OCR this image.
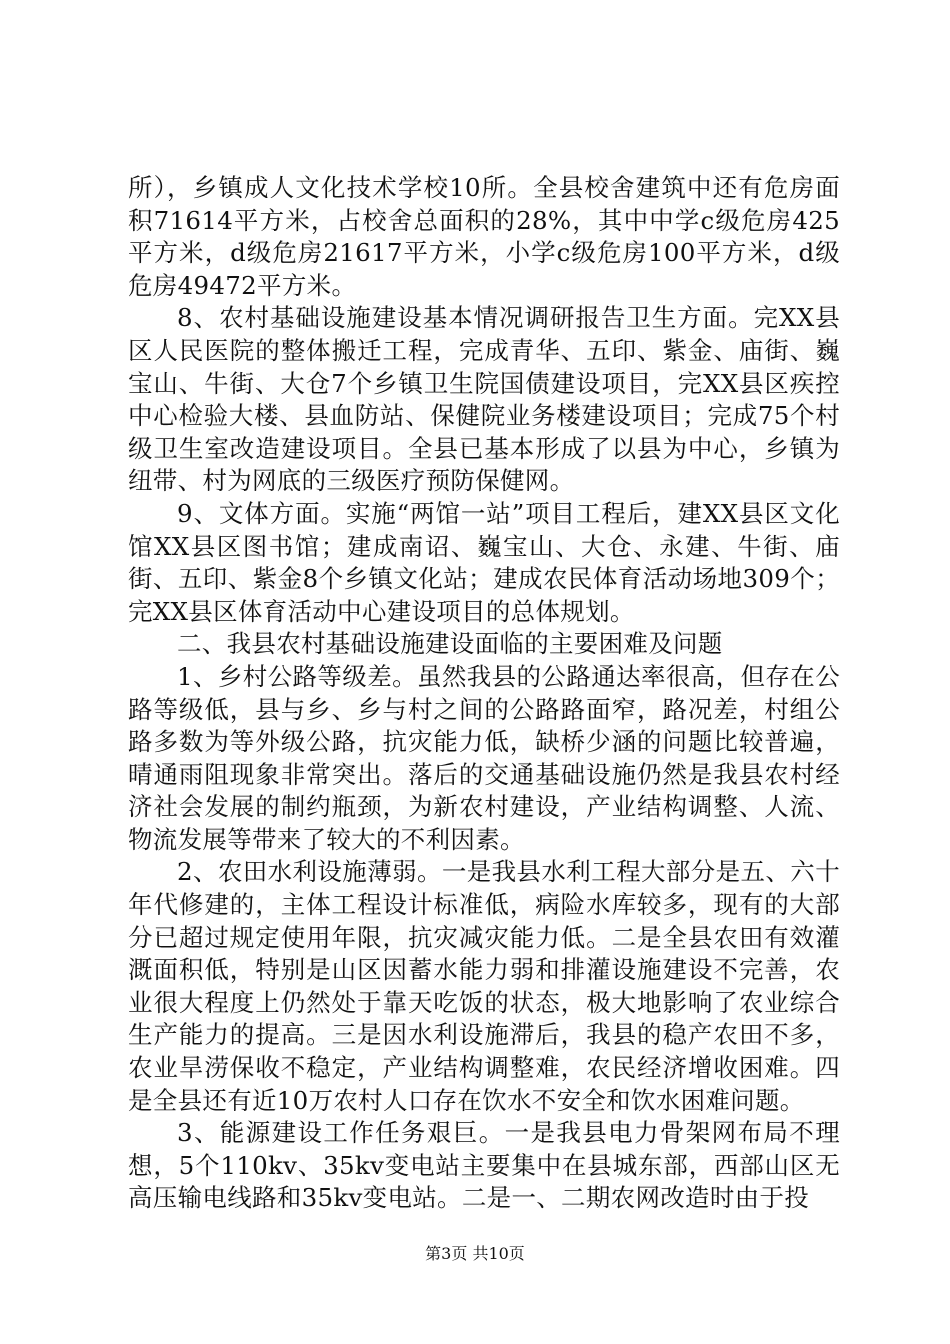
所），乡镇成人文化技术学校10所。全县校舍建筑中还有危房面积71614平方米，占校舍总面积的28%，其中中学c级危房425平方米，d级危房21617平方米，小学c级危房100平方米，d级危房49472平方米。

8、农村基础设施建设基本情况调研报告卫生方面。完XX县区人民医院的整体搬迁工程，完成青华、五印、紫金、庙街、巍宝山、牛街、大仓7个乡镇卫生院国债建设项目，完XX县区疾控中心检验大楼、县血防站、保健院业务楼建设项目；完成75个村级卫生室改造建设项目。全县已基本形成了以县为中心，乡镇为纽带、村为网底的三级医疗预防保健网。

9、文体方面。实施“两馆一站”项目工程后，建XX县区文化馆XX县区图书馆；建成南诏、巍宝山、大仓、永建、牛街、庙街、五印、紫金8个乡镇文化站；建成农民体育活动场地309个；完XX县区体育活动中心建设项目的总体规划。

二、我县农村基础设施建设面临的主要困难及问题

1、乡村公路等级差。虽然我县的公路通达率很高，但存在公路等级低，县与乡、乡与村之间的公路路面窄，路况差，村组公路多数为等外级公路，抗灾能力低，缺桥少涵的问题比较普遍，晴通雨阻现象非常突出。落后的交通基础设施仍然是我县农村经济社会发展的制约瓶颈，为新农村建设，产业结构调整、人流、物流发展等带来了较大的不利因素。

2、农田水利设施薄弱。一是我县水利工程大部分是五、六十年代修建的，主体工程设计标准低，病险水库较多，现有的大部分已超过规定使用年限，抗灾减灾能力低。二是全县农田有效灌溉面积低，特别是山区因蓄水能力弱和排灌设施建设不完善，农业很大程度上仍然处于靠天吃饭的状态，极大地影响了农业综合生产能力的提高。三是因水利设施滞后，我县的稳产农田不多，农业旱涝保收不稳定，产业结构调整难，农民经济增收困难。四是全县还有近10万农村人口存在饮水不安全和饮水困难问题。

3、能源建设工作任务艰巨。一是我县电力骨架网布局不理想，5个110kv、35kv变电站主要集中在县城东部，西部山区无高压输电线路和35kv变电站。二是一、二期农网改造时由于投

第3页 共10页
